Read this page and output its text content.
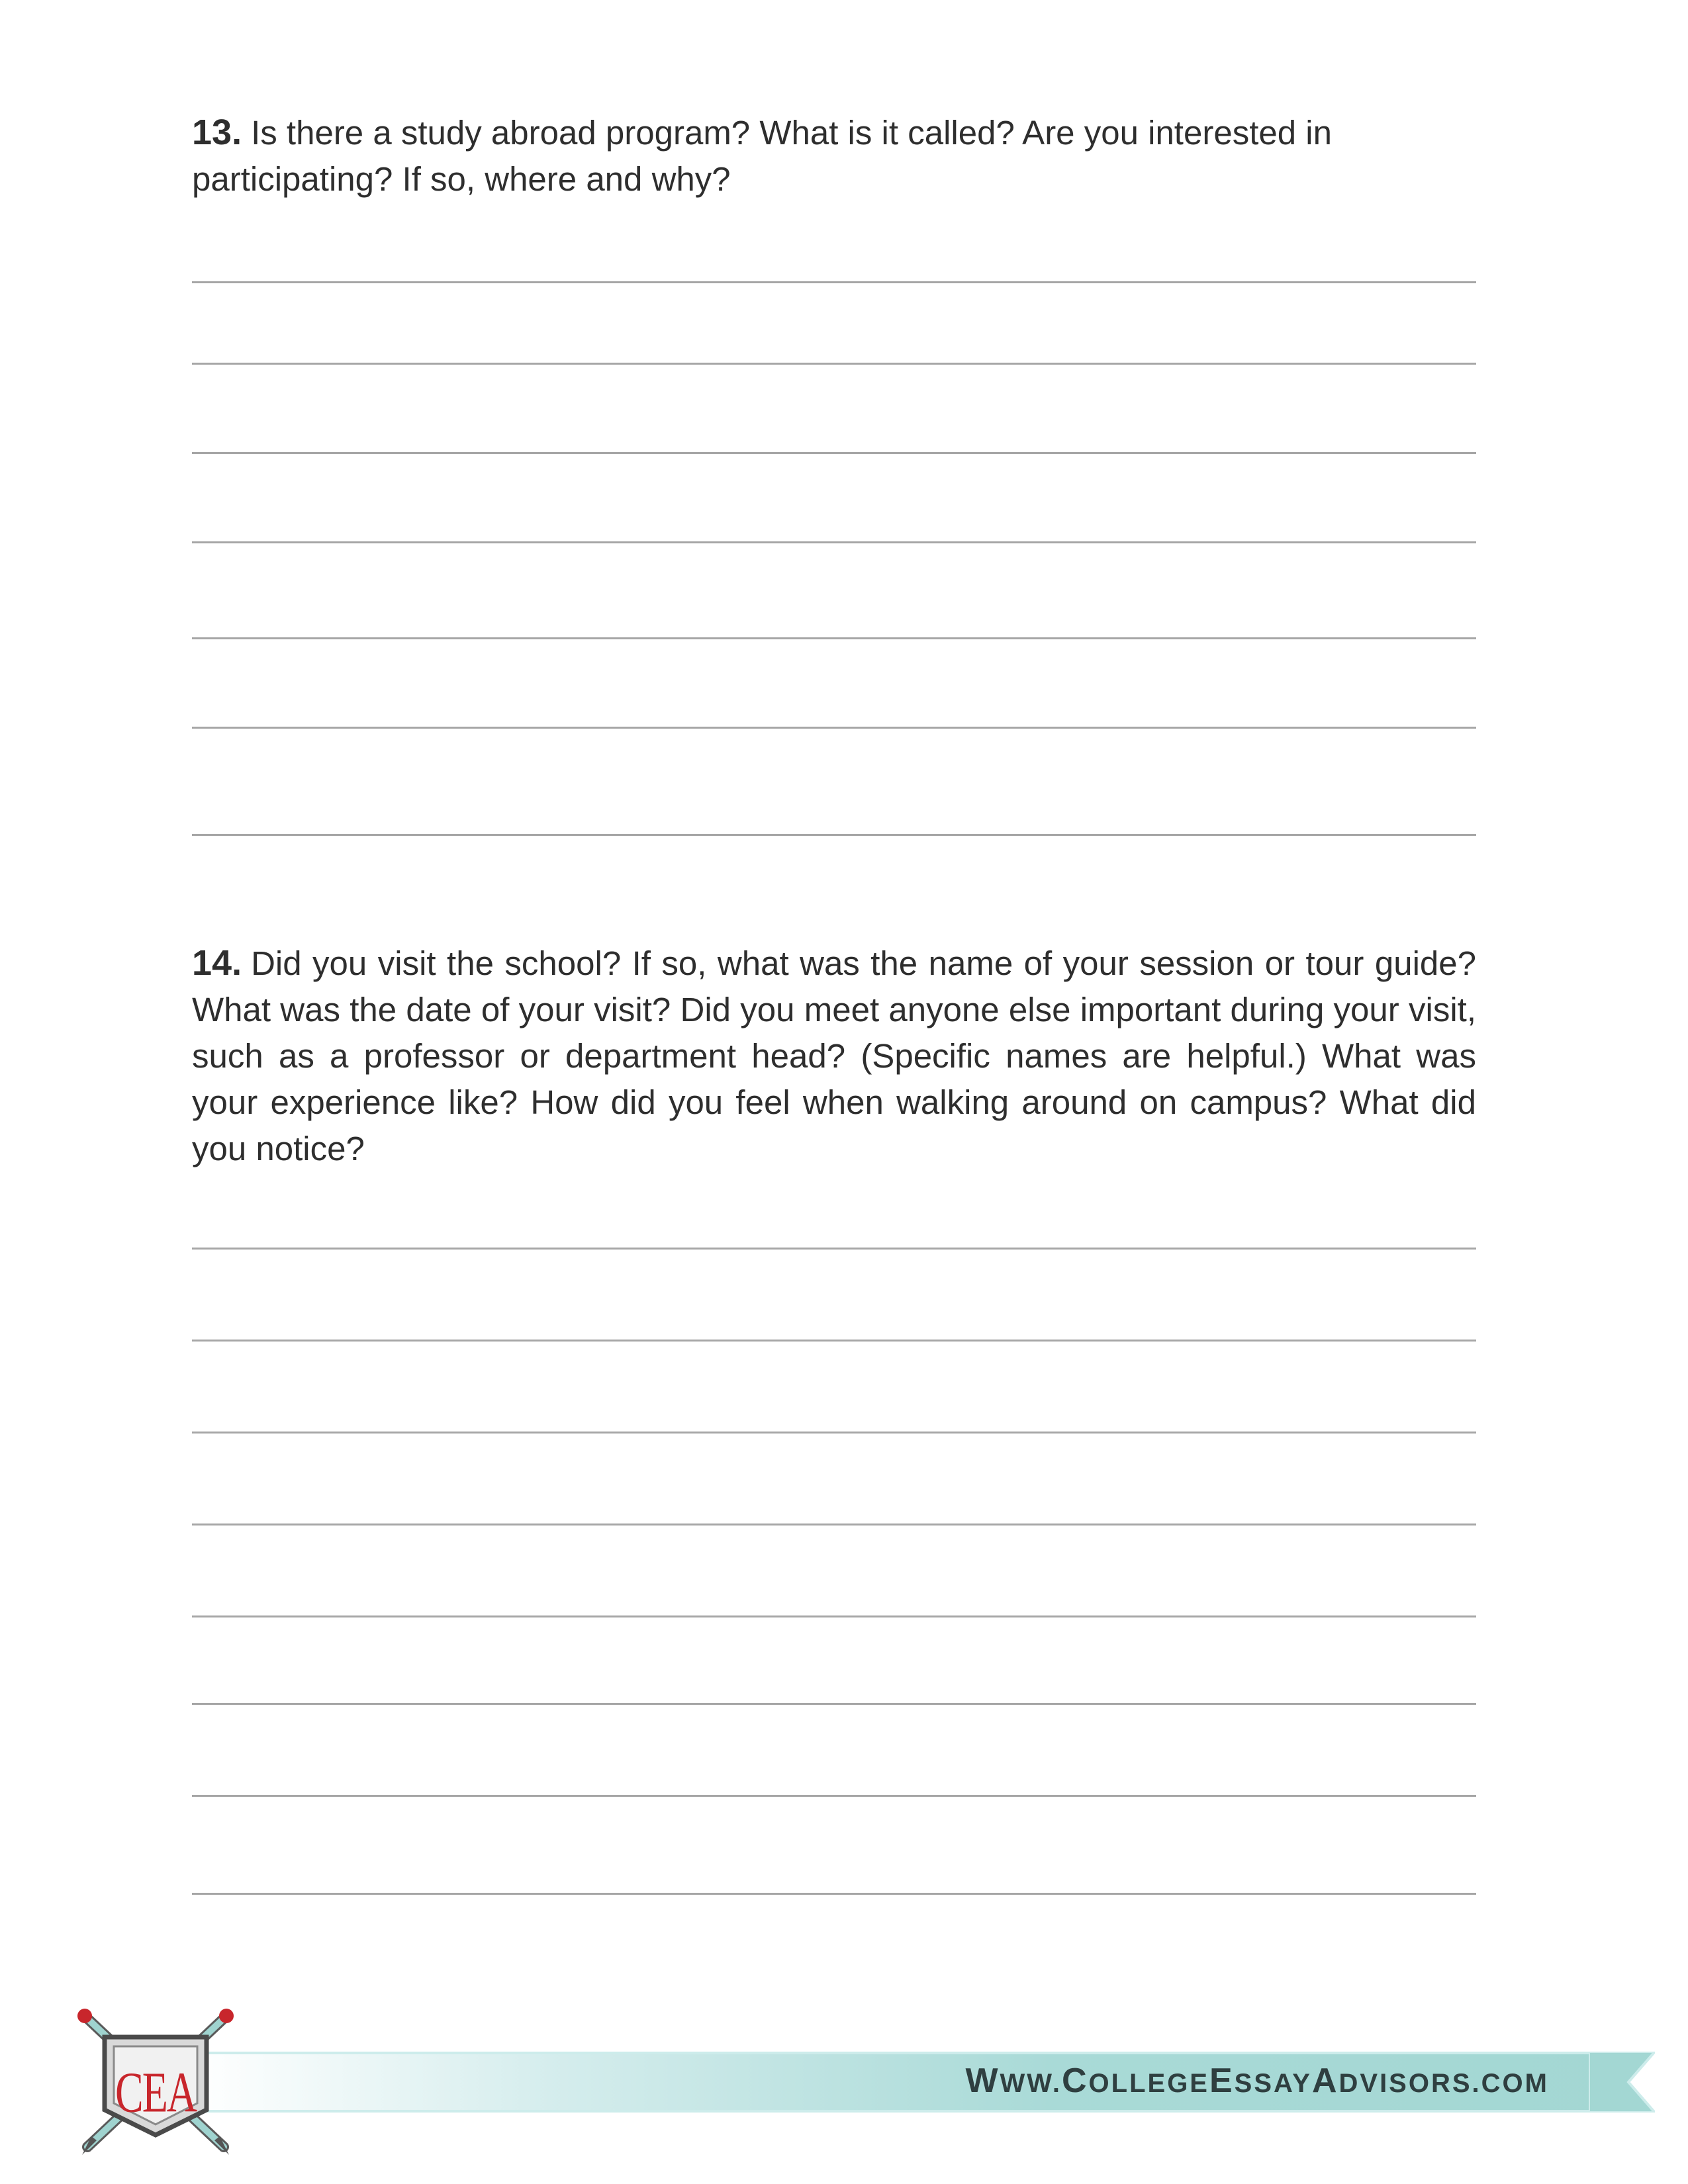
13. Is there a study abroad program? What is it called? Are you interested in participating? If so, where and why?
14. Did you visit the school? If so, what was the name of your session or tour guide? What was the date of your visit? Did you meet anyone else important during your visit, such as a professor or department head? (Specific names are helpful.) What was your experience like? How did you feel when walking around on campus? What did you notice?
WWW.COLLEGEESSAYADVISORS.COM
CEA
